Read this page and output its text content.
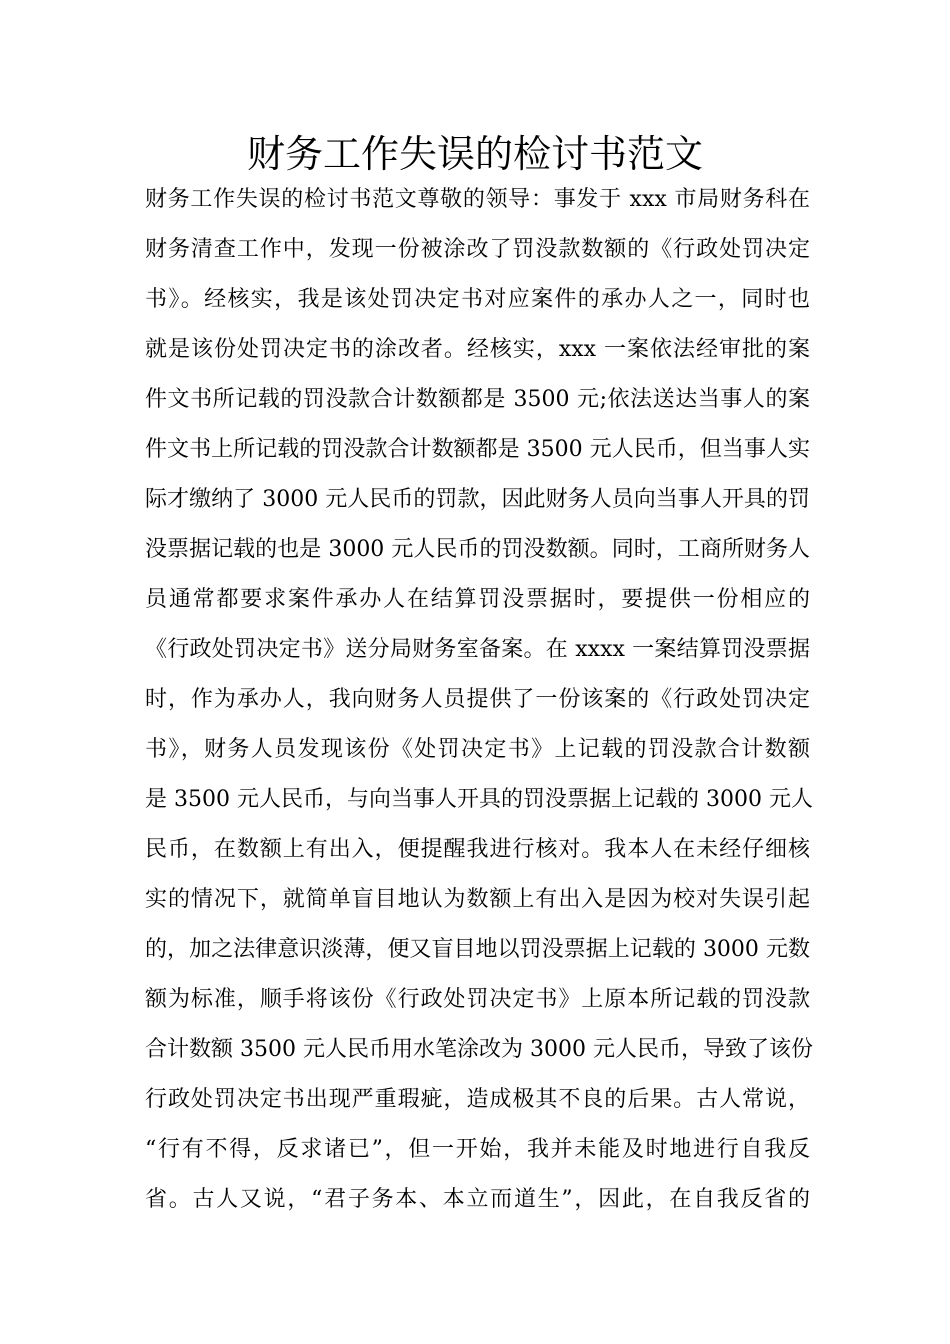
财务工作失误的检讨书范文
财务工作失误的检讨书范文尊敬的领导：事发于 xxx 市局财务科在
财务清查工作中，发现一份被涂改了罚没款数额的《行政处罚决定
书》。经核实，我是该处罚决定书对应案件的承办人之一，同时也
就是该份处罚决定书的涂改者。经核实，xxx 一案依法经审批的案
件文书所记载的罚没款合计数额都是 3500 元;依法送达当事人的案
件文书上所记载的罚没款合计数额都是 3500 元人民币，但当事人实
际才缴纳了 3000 元人民币的罚款，因此财务人员向当事人开具的罚
没票据记载的也是 3000 元人民币的罚没数额。同时，工商所财务人
员通常都要求案件承办人在结算罚没票据时，要提供一份相应的
《行政处罚决定书》送分局财务室备案。在 xxxx 一案结算罚没票据
时，作为承办人，我向财务人员提供了一份该案的《行政处罚决定
书》，财务人员发现该份《处罚决定书》上记载的罚没款合计数额
是 3500 元人民币，与向当事人开具的罚没票据上记载的 3000 元人
民币，在数额上有出入，便提醒我进行核对。我本人在未经仔细核
实的情况下，就简单盲目地认为数额上有出入是因为校对失误引起
的，加之法律意识淡薄，便又盲目地以罚没票据上记载的 3000 元数
额为标准，顺手将该份《行政处罚决定书》上原本所记载的罚没款
合计数额 3500 元人民币用水笔涂改为 3000 元人民币，导致了该份
行政处罚决定书出现严重瑕疵，造成极其不良的后果。古人常说，
“行有不得，反求诸已”，但一开始，我并未能及时地进行自我反
省。古人又说，“君子务本、本立而道生”，因此，在自我反省的
